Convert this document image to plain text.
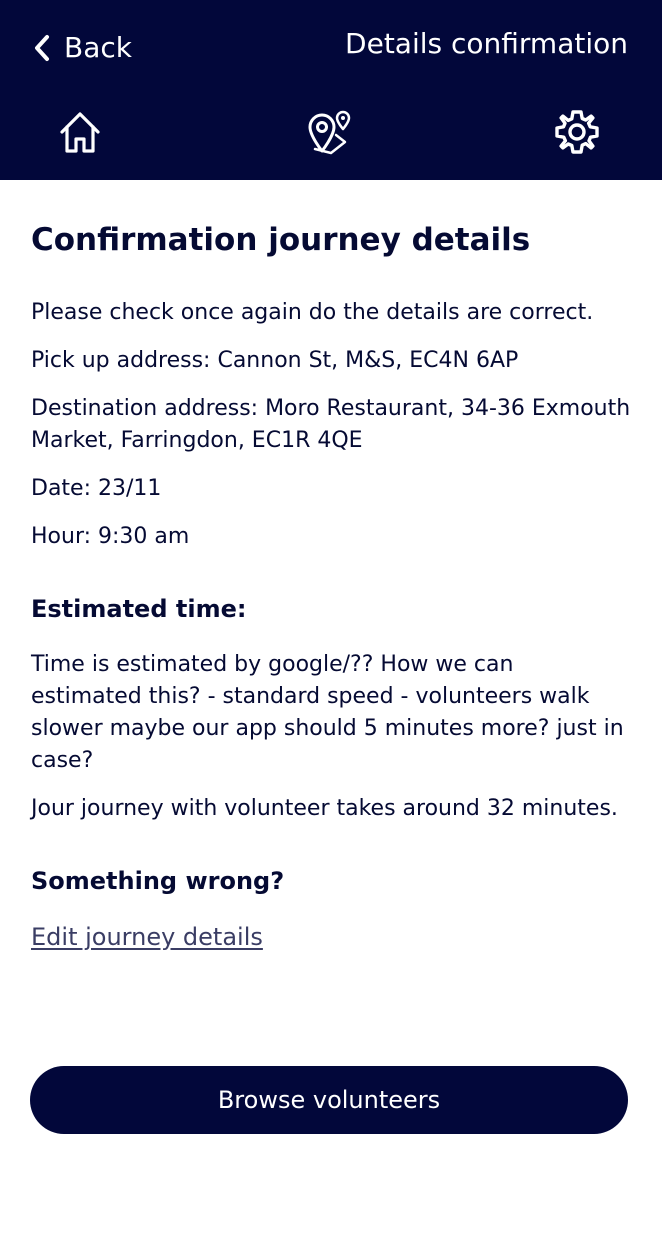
Back	Details confirmation
Confirmation journey details

Please check once again do the details are correct.

Pick up address: Cannon St, M&S, EC4N 6AP

Destination address: Moro Restaurant, 34-36 Exmouth Market, Farringdon, EC1R 4QE

Date: 23/11

Hour: 9:30 am

Estimated time:

Time is estimated by google/?? How we can estimated this? - standard speed - volunteers walk slower maybe our app should 5 minutes more? just in case?

Jour journey with volunteer takes around 32 minutes.

Something wrong?
Edit journey details
Browse volunteers
